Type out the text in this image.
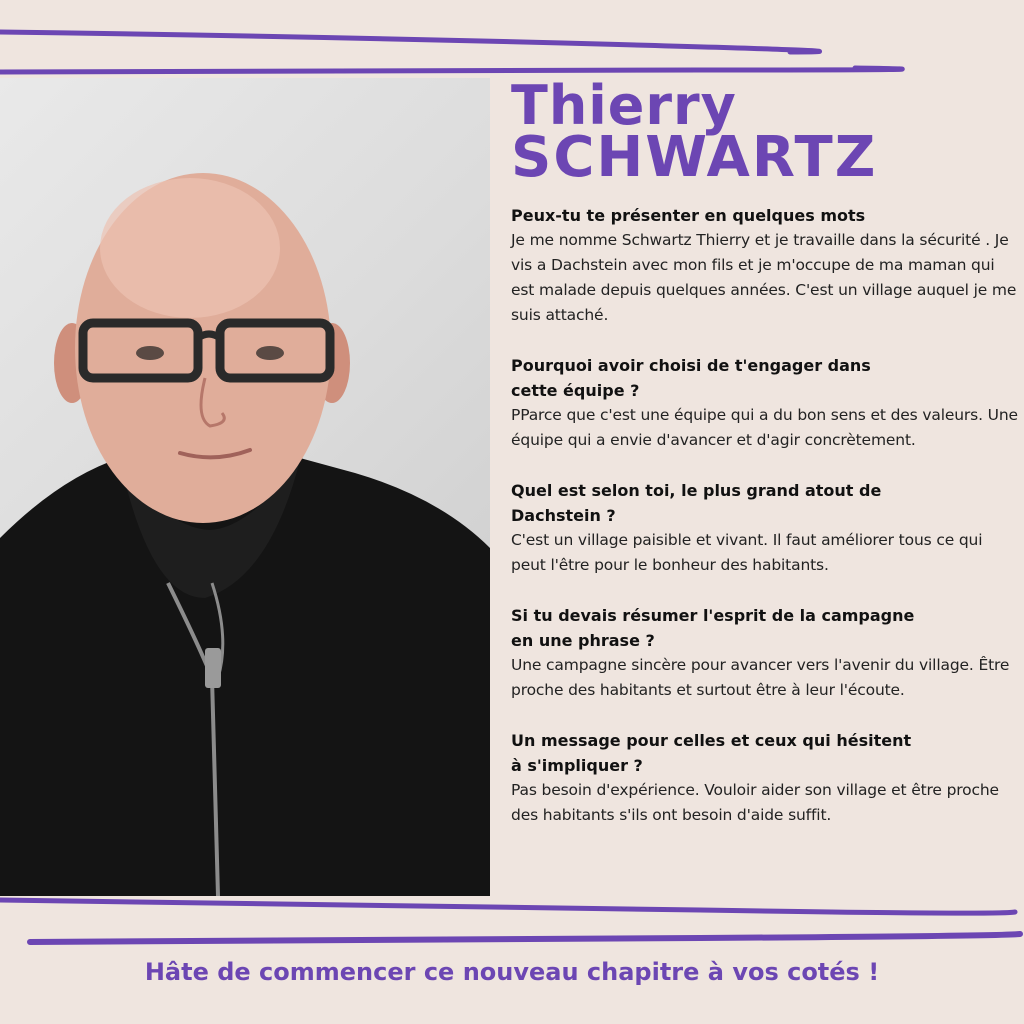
Thierry
SCHWARTZ

Peux-tu te présenter en quelques mots

Je me nomme Schwartz Thierry et je travaille dans la sécurité . Je vis a Dachstein avec mon fils et je m'occupe de ma maman qui est malade depuis quelques années. C'est un village auquel je me suis attaché.

Pourquoi avoir choisi de t'engager dans cette équipe ?

PParce que c'est une équipe qui a du bon sens et des valeurs. Une équipe qui a envie d'avancer et d'agir concrètement.

Quel est selon toi, le plus grand atout de Dachstein ?

C'est un village paisible et vivant. Il faut améliorer tous ce qui peut l'être pour le bonheur des habitants.

Si tu devais résumer l'esprit de la campagne en une phrase ?

Une campagne sincère pour avancer vers l'avenir du village. Être proche des habitants et surtout être à leur l'écoute.

Un message pour celles et ceux qui hésitent à s'impliquer ?

Pas besoin d'expérience. Vouloir aider son village et être proche des habitants s'ils ont besoin d'aide suffit.

Hâte de commencer ce nouveau chapitre à vos cotés !
